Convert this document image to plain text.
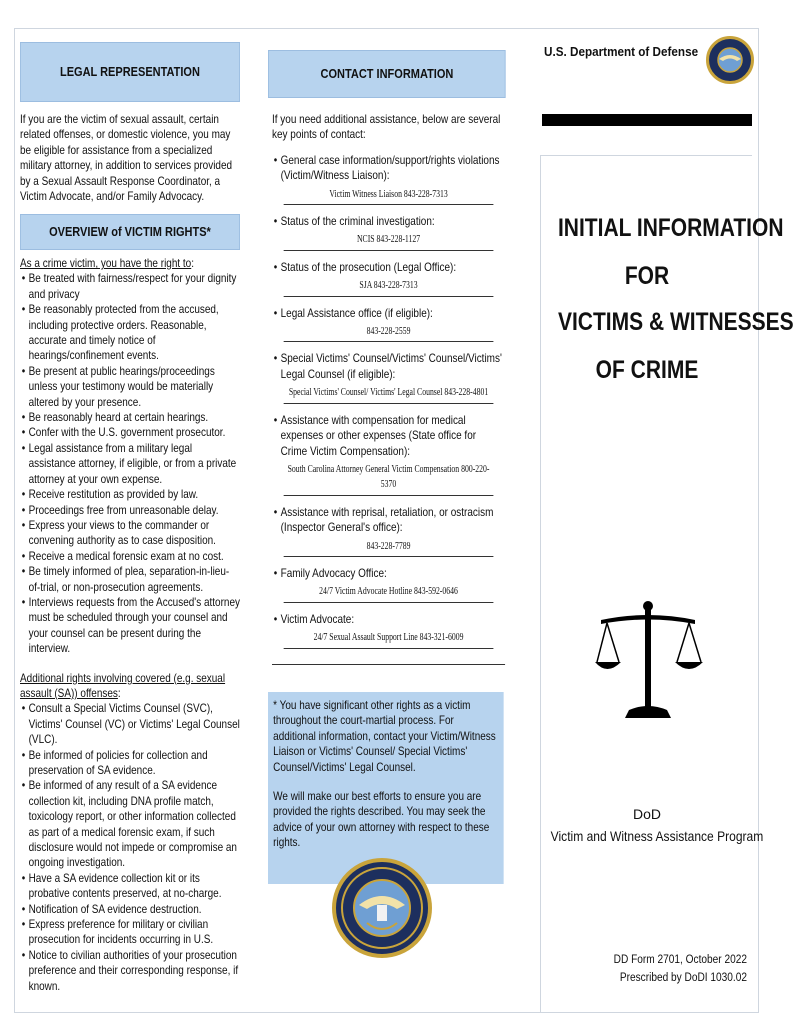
LEGAL REPRESENTATION

If you are the victim of sexual assault, certain related offenses, or domestic violence, you may be eligible for assistance from a specialized military attorney, in addition to services provided by a Sexual Assault Response Coordinator, a Victim Advocate, and/or Family Advocacy.

OVERVIEW of VICTIM RIGHTS*

As a crime victim, you have the right to:

• Be treated with fairness/respect for your dignity and privacy
• Be reasonably protected from the accused, including protective orders. Reasonable, accurate and timely notice of hearings/confinement events.
• Be present at public hearings/proceedings unless your testimony would be materially altered by your presence.
• Be reasonably heard at certain hearings.
• Confer with the U.S. government prosecutor.
• Legal assistance from a military legal assistance attorney, if eligible, or from a private attorney at your own expense.
• Receive restitution as provided by law.
• Proceedings free from unreasonable delay.
• Express your views to the commander or convening authority as to case disposition.
• Receive a medical forensic exam at no cost.
• Be timely informed of plea, separation-in-lieu-of-trial, or non-prosecution agreements.
• Interviews requests from the Accused's attorney must be scheduled through your counsel and your counsel can be present during the interview.

Additional rights involving covered (e.g. sexual assault (SA)) offenses:

• Consult a Special Victims Counsel (SVC), Victims' Counsel (VC) or Victims' Legal Counsel (VLC).
• Be informed of policies for collection and preservation of SA evidence.
• Be informed of any result of a SA evidence collection kit, including DNA profile match, toxicology report, or other information collected as part of a medical forensic exam, if such disclosure would not impede or compromise an ongoing investigation.
• Have a SA evidence collection kit or its probative contents preserved, at no-charge.
• Notification of SA evidence destruction.
• Express preference for military or civilian prosecution for incidents occurring in U.S.
• Notice to civilian authorities of your prosecution preference and their corresponding response, if known.
CONTACT INFORMATION

If you need additional assistance, below are several key points of contact:

• General case information/support/rights violations (Victim/Witness Liaison):
Victim Witness Liaison 843-228-7313
• Status of the criminal investigation:
NCIS 843-228-1127
• Status of the prosecution (Legal Office):
SJA 843-228-7313
• Legal Assistance office (if eligible):
843-228-2559
• Special Victims' Counsel/Victims' Counsel/Victims' Legal Counsel (if eligible):
Special Victims' Counsel/ Victims' Legal Counsel 843-228-4801
• Assistance with compensation for medical expenses or other expenses (State office for Crime Victim Compensation):
South Carolina Attorney General Victim Compensation 800-220-5370
• Assistance with reprisal, retaliation, or ostracism (Inspector General's office):
843-228-7789
• Family Advocacy Office:
24/7 Victim Advocate Hotline 843-592-0646
• Victim Advocate:
24/7 Sexual Assault Support Line 843-321-6009

* You have significant other rights as a victim throughout the court-martial process. For additional information, contact your Victim/Witness Liaison or Victims' Counsel/ Special Victims' Counsel/Victims' Legal Counsel.

We will make our best efforts to ensure you are provided the rights described. You may seek the advice of your own attorney with respect to these rights.

U.S. Department of Defense
INITIAL INFORMATION
FOR
VICTIMS & WITNESSES
OF CRIME
DoD
Victim and Witness Assistance Program
DD Form 2701, October 2022
Prescribed by DoDI 1030.02
